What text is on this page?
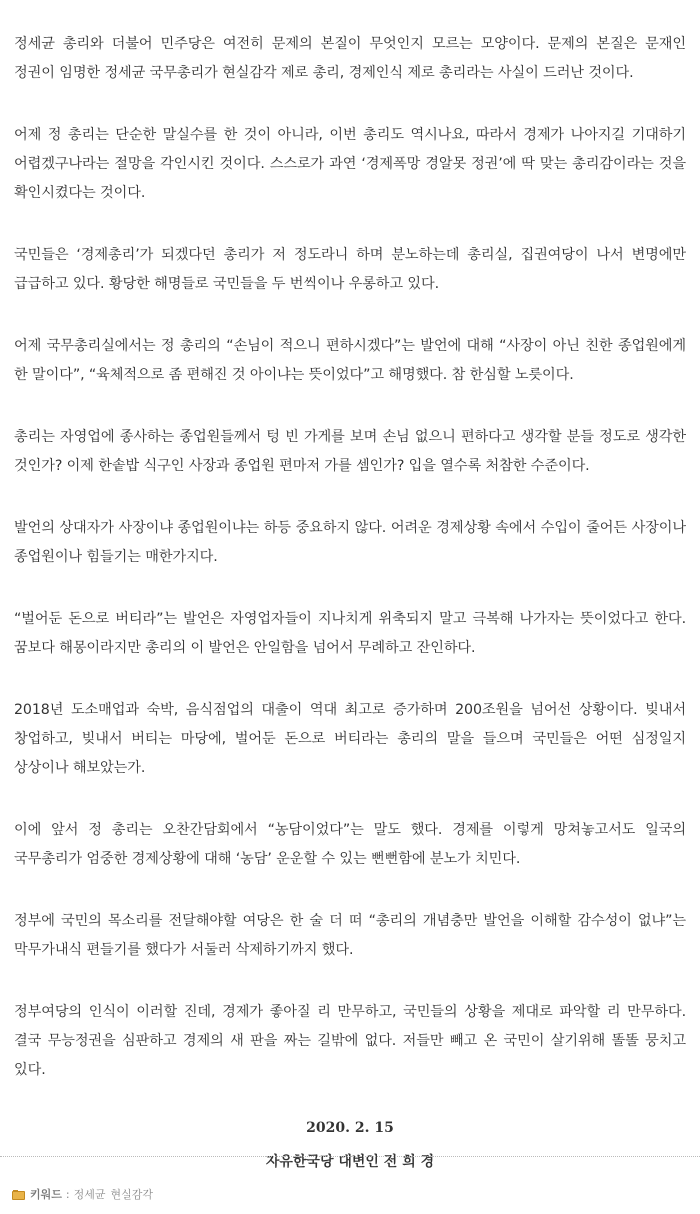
정세균 총리와 더불어 민주당은 여전히 문제의 본질이 무엇인지 모르는 모양이다. 문제의 본질은 문재인 정권이 임명한 정세균 국무총리가 현실감각 제로 총리, 경제인식 제로 총리라는 사실이 드러난 것이다.

어제 정 총리는 단순한 말실수를 한 것이 아니라, 이번 총리도 역시나요, 따라서 경제가 나아지길 기대하기 어렵겠구나라는 절망을 각인시킨 것이다. 스스로가 과연 ‘경제폭망 경알못 정권’에 딱 맞는 총리감이라는 것을 확인시켰다는 것이다.

국민들은 ‘경제총리’가 되겠다던 총리가 저 정도라니 하며 분노하는데 총리실, 집권여당이 나서 변명에만 급급하고 있다. 황당한 해명들로 국민들을 두 번씩이나 우롱하고 있다.

어제 국무총리실에서는 정 총리의 “손님이 적으니 편하시겠다”는 발언에 대해 “사장이 아닌 친한 종업원에게 한 말이다”, “육체적으로 좀 편해진 것 아이냐는 뜻이었다”고 해명했다. 참 한심할 노릇이다.

총리는 자영업에 종사하는 종업원들께서 텅 빈 가게를 보며 손님 없으니 편하다고 생각할 분들 정도로 생각한 것인가? 이제 한솥밥 식구인 사장과 종업원 편마저 가를 셈인가? 입을 열수록 처참한 수준이다.

발언의 상대자가 사장이냐 종업원이냐는 하등 중요하지 않다. 어려운 경제상황 속에서 수입이 줄어든 사장이나 종업원이나 힘들기는 매한가지다.

“벌어둔 돈으로 버티라”는 발언은 자영업자들이 지나치게 위축되지 말고 극복해 나가자는 뜻이었다고 한다. 꿈보다 해몽이라지만 총리의 이 발언은 안일함을 넘어서 무례하고 잔인하다.

2018년 도소매업과 숙박, 음식점업의 대출이 역대 최고로 증가하며 200조원을 넘어선 상황이다. 빚내서 창업하고, 빚내서 버티는 마당에, 벌어둔 돈으로 버티라는 총리의 말을 들으며 국민들은 어떤 심정일지 상상이나 해보았는가.

이에 앞서 정 총리는 오찬간담회에서 “농담이었다”는 말도 했다. 경제를 이렇게 망쳐놓고서도 일국의 국무총리가 엄중한 경제상황에 대해 ‘농담’ 운운할 수 있는 뻔뻔함에 분노가 치민다.

정부에 국민의 목소리를 전달해야할 여당은 한 술 더 떠 “총리의 개념충만 발언을 이해할 감수성이 없냐”는 막무가내식 편들기를 했다가 서둘러 삭제하기까지 했다.

정부여당의 인식이 이러할 진데, 경제가 좋아질 리 만무하고, 국민들의 상황을 제대로 파악할 리 만무하다. 결국 무능정권을 심판하고 경제의 새 판을 짜는 길밖에 없다. 저들만 빼고 온 국민이 살기위해 똘똘 뭉치고 있다.

2020. 2. 15

자유한국당 대변인 전 희 경

키워드 : 정세균 현실감각
